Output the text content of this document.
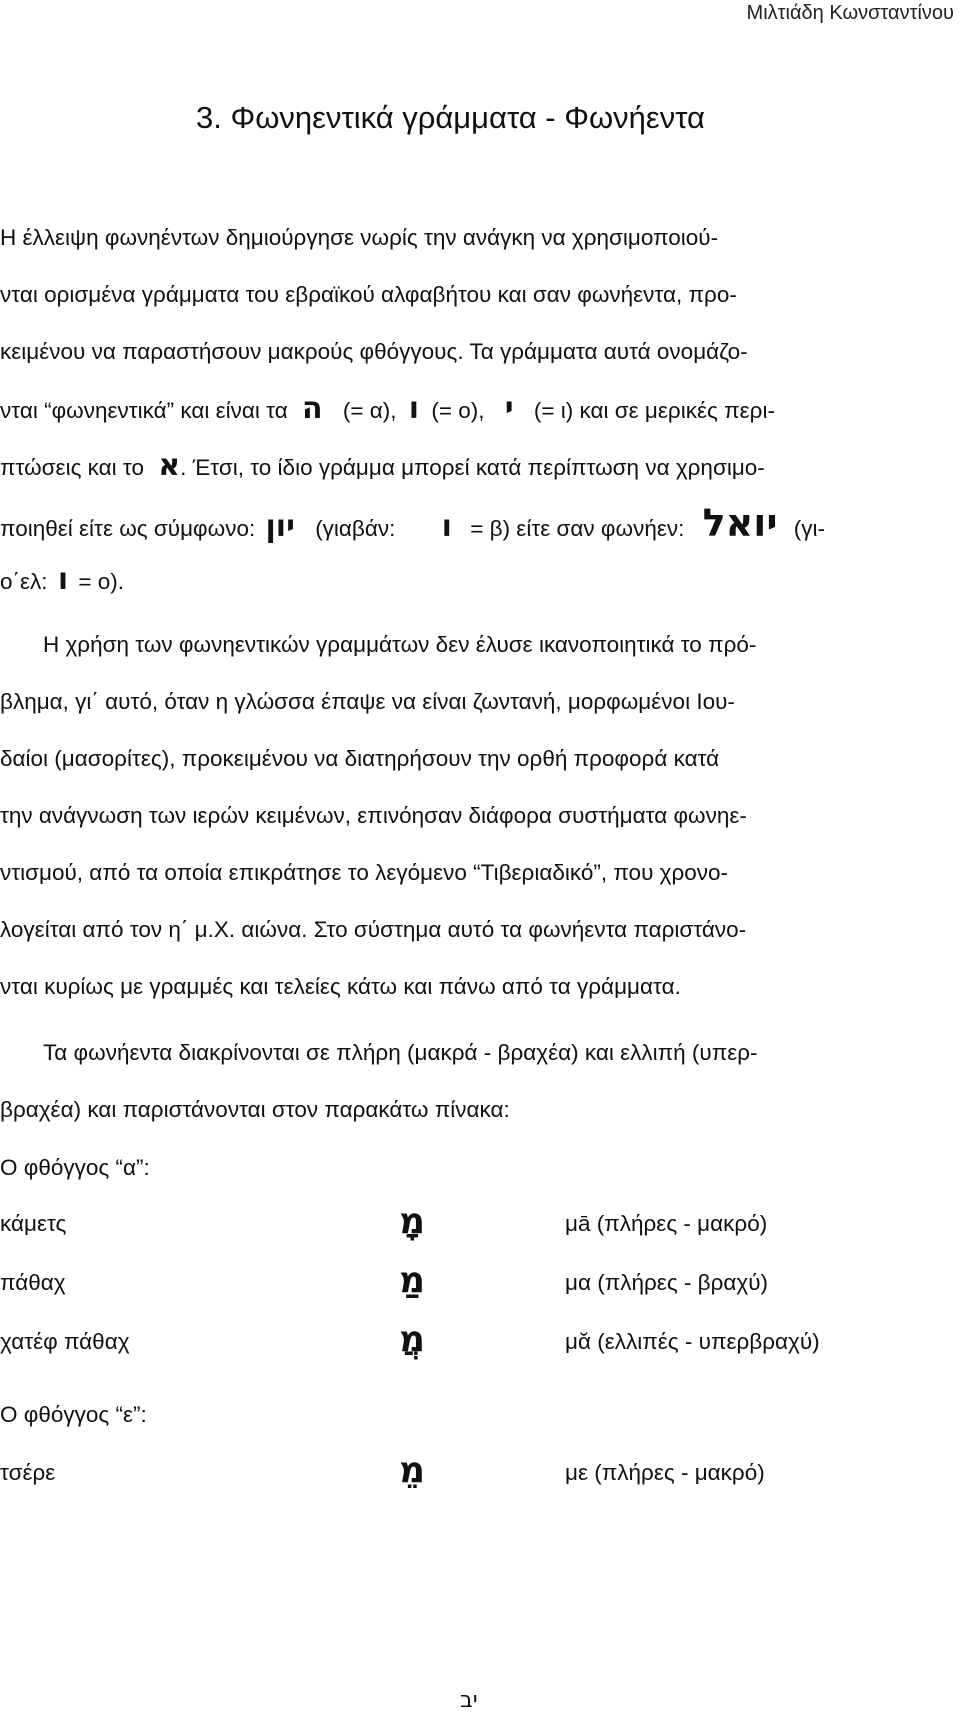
Μιλτιάδη Κωνσταντίνου
3. Φωνηεντικά γράμματα - Φωνήεντα
Η έλλειψη φωνηέντων δημιούργησε νωρίς την ανάγκη να χρησιμοποιού-
νται ορισμένα γράμματα του εβραϊκού αλφαβήτου και σαν φωνήεντα, προ-
κειμένου να παραστήσουν μακρούς φθόγγους. Τα γράμματα αυτά ονομάζο-
νται “φωνηεντικά” και είναι τα ה (= α), ו (= ο), י (= ι) και σε μερικές περι-
πτώσεις και το א. Έτσι, το ίδιο γράμμα μπορεί κατά περίπτωση να χρησιμο-
ποιηθεί είτε ως σύμφωνο: יון (γιαβάν: ו = β) είτε σαν φωνήεν: יואל (γι-
ο΄ελ: ו = ο).
Η χρήση των φωνηεντικών γραμμάτων δεν έλυσε ικανοποιητικά το πρό-
βλημα, γι΄ αυτό, όταν η γλώσσα έπαψε να είναι ζωντανή, μορφωμένοι Ιου-
δαίοι (μασορίτες), προκειμένου να διατηρήσουν την ορθή προφορά κατά
την ανάγνωση των ιερών κειμένων, επινόησαν διάφορα συστήματα φωνηε-
ντισμού, από τα οποία επικράτησε το λεγόμενο “Τιβεριαδικό”, που χρονο-
λογείται από τον η΄ μ.Χ. αιώνα. Στο σύστημα αυτό τα φωνήεντα παριστάνο-
νται κυρίως με γραμμές και τελείες κάτω και πάνω από τα γράμματα.
Τα φωνήεντα διακρίνονται σε πλήρη (μακρά - βραχέα) και ελλιπή (υπερ-
βραχέα) και παριστάνονται στον παρακάτω πίνακα:
Ο φθόγγος “α”:
κάμετς	מָ	μā (πλήρες - μακρό)
πάθαχ	מַ	μα (πλήρες - βραχύ)
χατέφ πάθαχ	מֲ	μᾰ (ελλιπές - υπερβραχύ)
Ο φθόγγος “ε”:
τσέρε	מֵ	με (πλήρες - μακρό)
יב
